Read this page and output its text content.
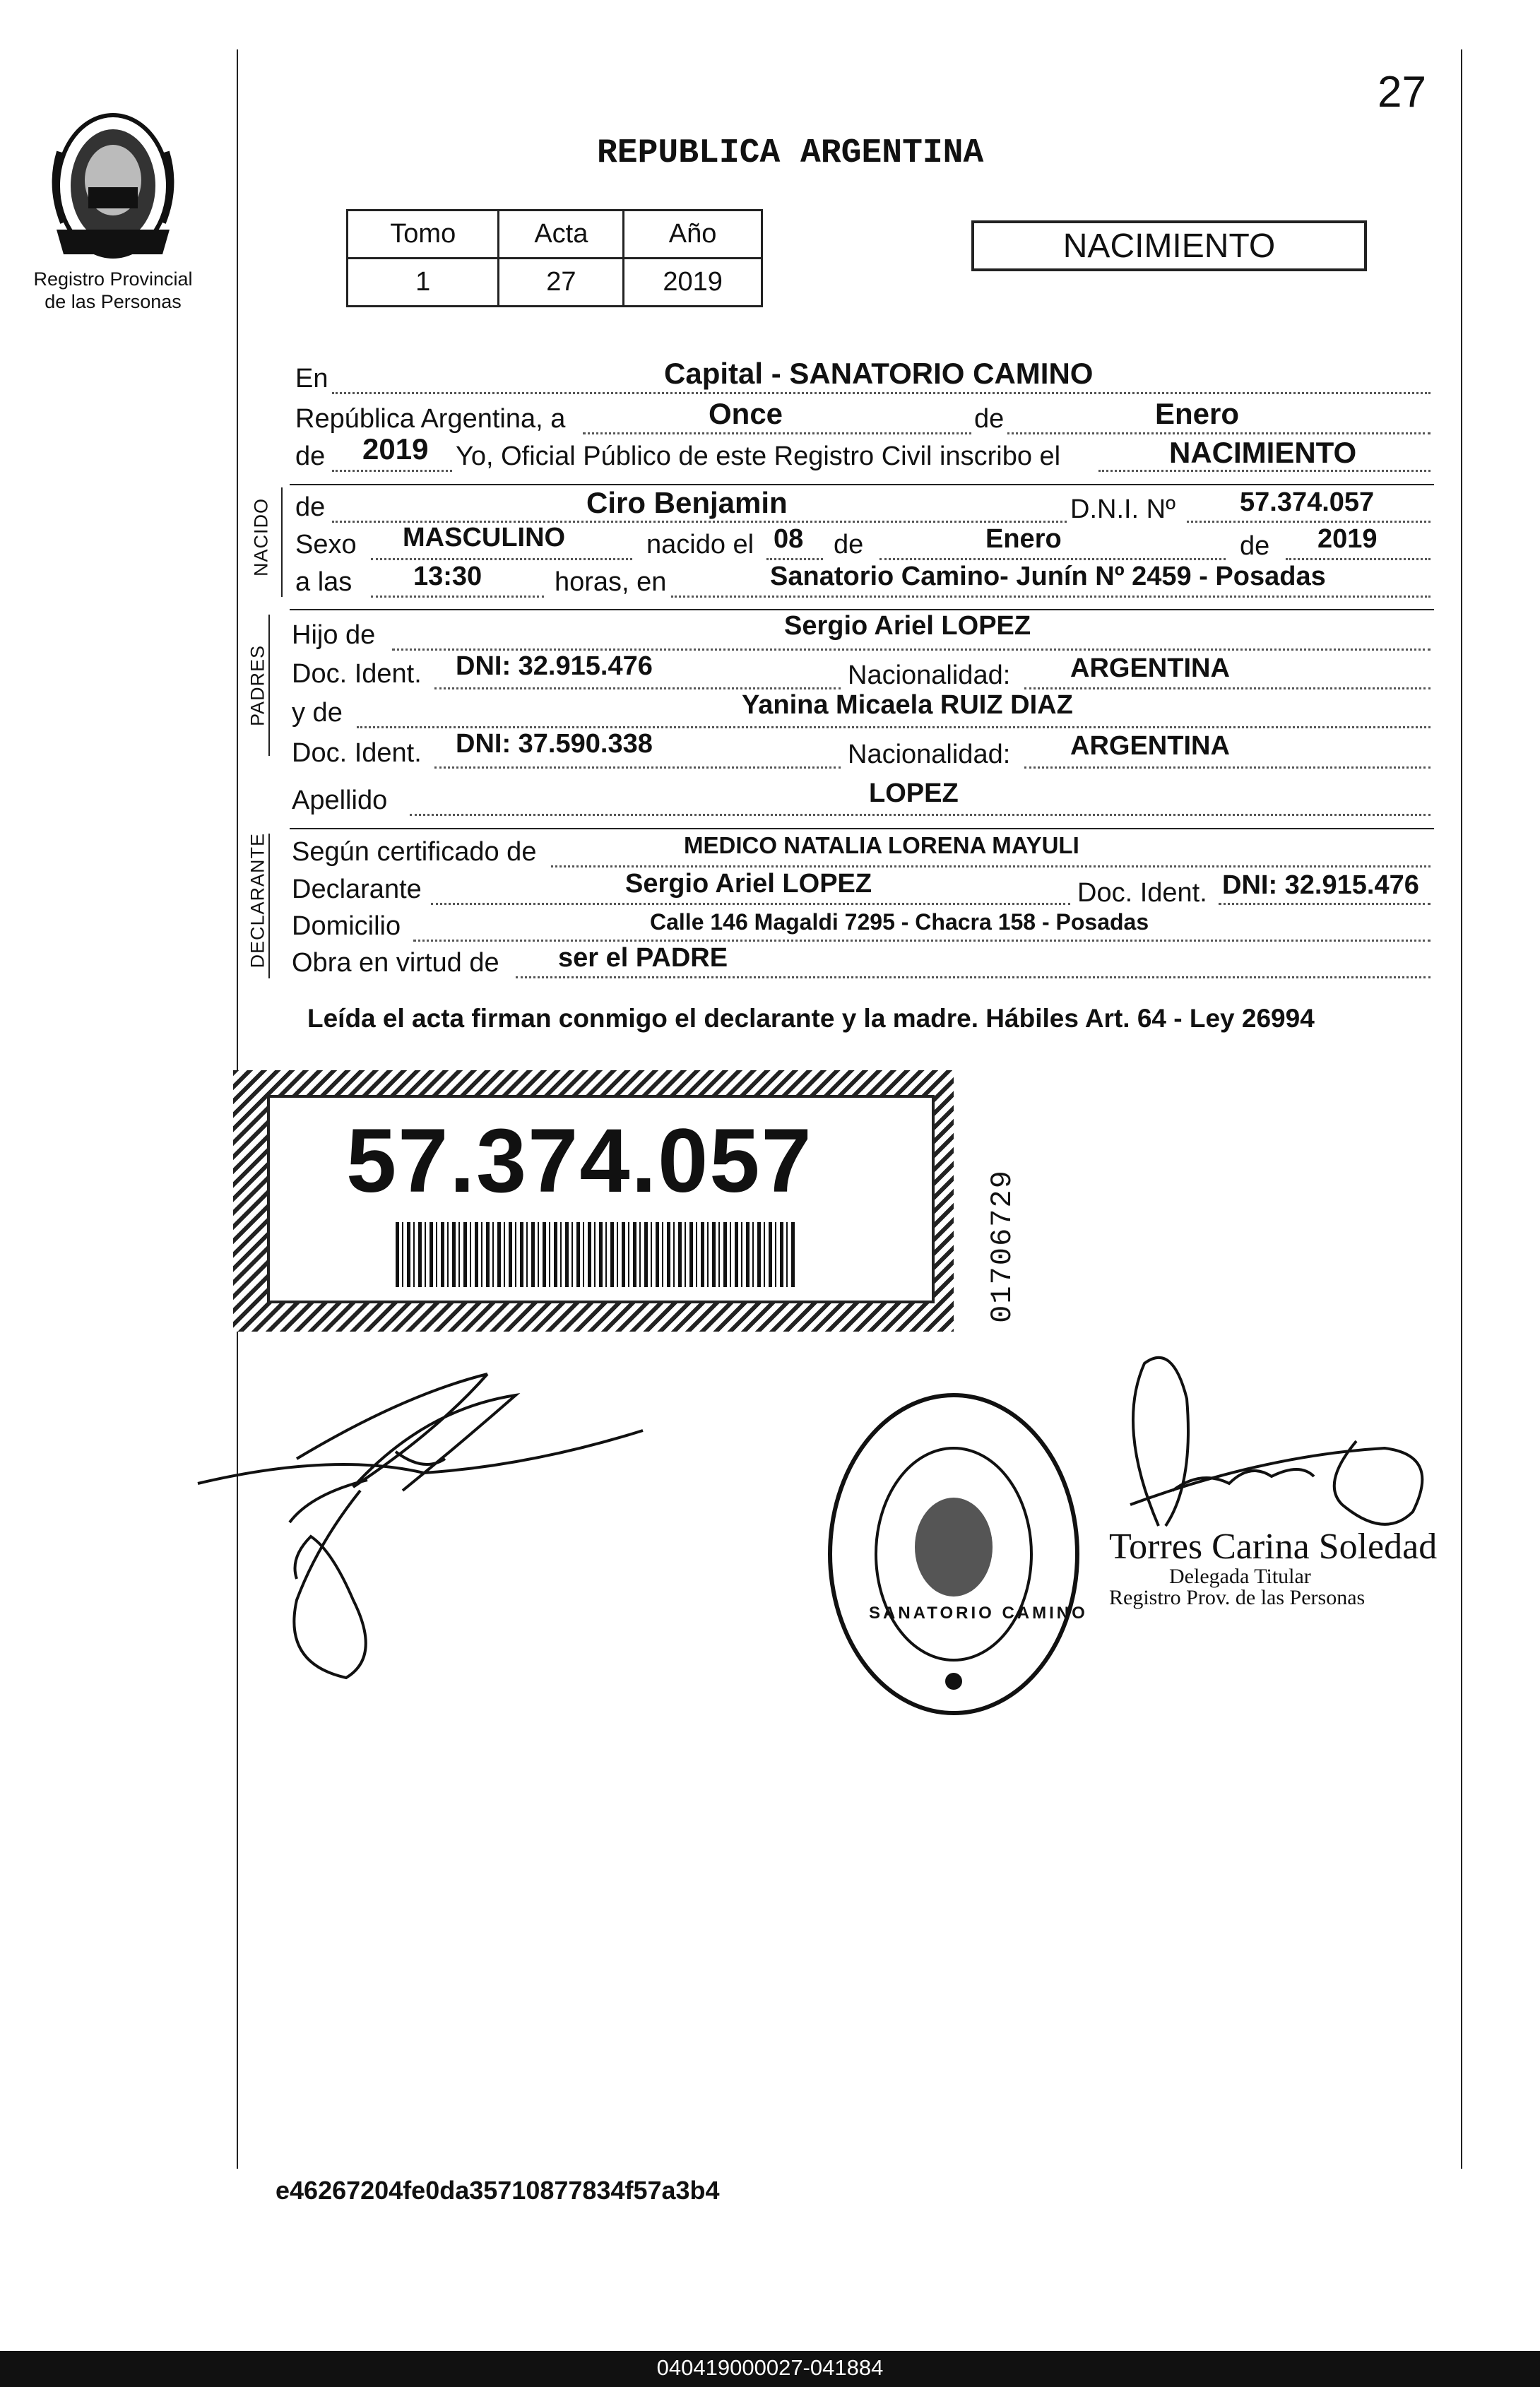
27
Registro Provincial
de las Personas
REPUBLICA ARGENTINA
Tomo	Acta	Año
1	27	2019
NACIMIENTO
En	Capital - SANATORIO CAMINO
República Argentina, a	Once	de	Enero
de 2019 Yo, Oficial Público de este Registro Civil inscribo el	NACIMIENTO
NACIDO de	Ciro Benjamin	D.N.I. Nº 57.374.057
Sexo MASCULINO	nacido el 08 de	Enero	de 2019
a las 13:30	horas, en	Sanatorio Camino- Junín Nº 2459 - Posadas
PADRES
Hijo de	Sergio Ariel LOPEZ
Doc. Ident. DNI: 32.915.476	Nacionalidad: ARGENTINA
y de	Yanina Micaela RUIZ DIAZ
Doc. Ident. DNI: 37.590.338	Nacionalidad: ARGENTINA
Apellido	LOPEZ
DECLARANTE Según certificado de	MEDICO NATALIA LORENA MAYULI
Declarante	Sergio Ariel LOPEZ	Doc. Ident. DNI: 32.915.476
Domicilio	Calle 146 Magaldi 7295 - Chacra 158 - Posadas
Obra en virtud de ser el PADRE
Leída el acta firman conmigo el declarante y la madre. Hábiles Art. 64 - Ley 26994
57.374.057
01706729
SANATORIO CAMINO
Torres Carina Soledad
Delegada Titular
Registro Prov. de las Personas
e46267204fe0da35710877834f57a3b4
040419000027-041884
